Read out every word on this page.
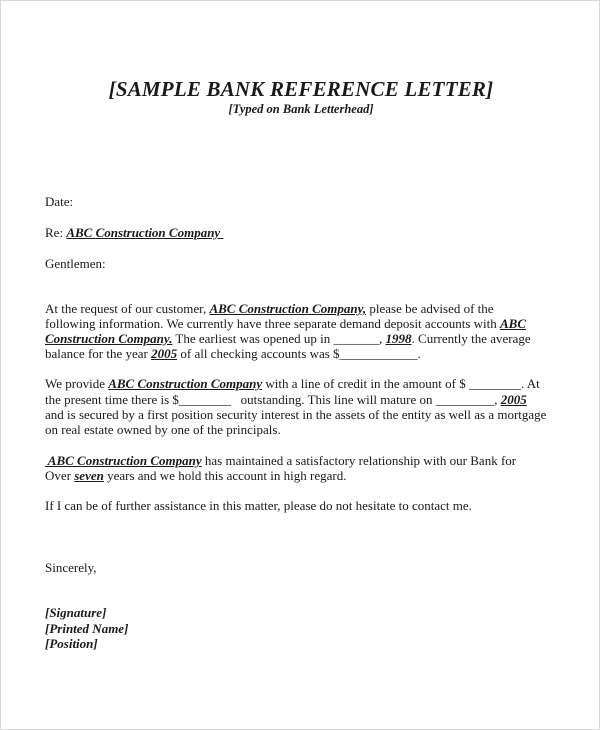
[SAMPLE BANK REFERENCE LETTER]
[Typed on Bank Letterhead]
Date:
Re: ABC Construction Company
Gentlemen:
At the request of our customer, ABC Construction Company, please be advised of the
following information. We currently have three separate demand deposit accounts with ABC
Construction Company. The earliest was opened up in _______, 1998. Currently the average
balance for the year 2005 of all checking accounts was $____________.
We provide ABC Construction Company with a line of credit in the amount of $ ________. At
the present time there is $________   outstanding. This line will mature on _________, 2005
and is secured by a first position security interest in the assets of the entity as well as a mortgage
on real estate owned by one of the principals.
ABC Construction Company has maintained a satisfactory relationship with our Bank for
Over seven years and we hold this account in high regard.
If I can be of further assistance in this matter, please do not hesitate to contact me.
Sincerely,
[Signature]
[Printed Name]
[Position]
